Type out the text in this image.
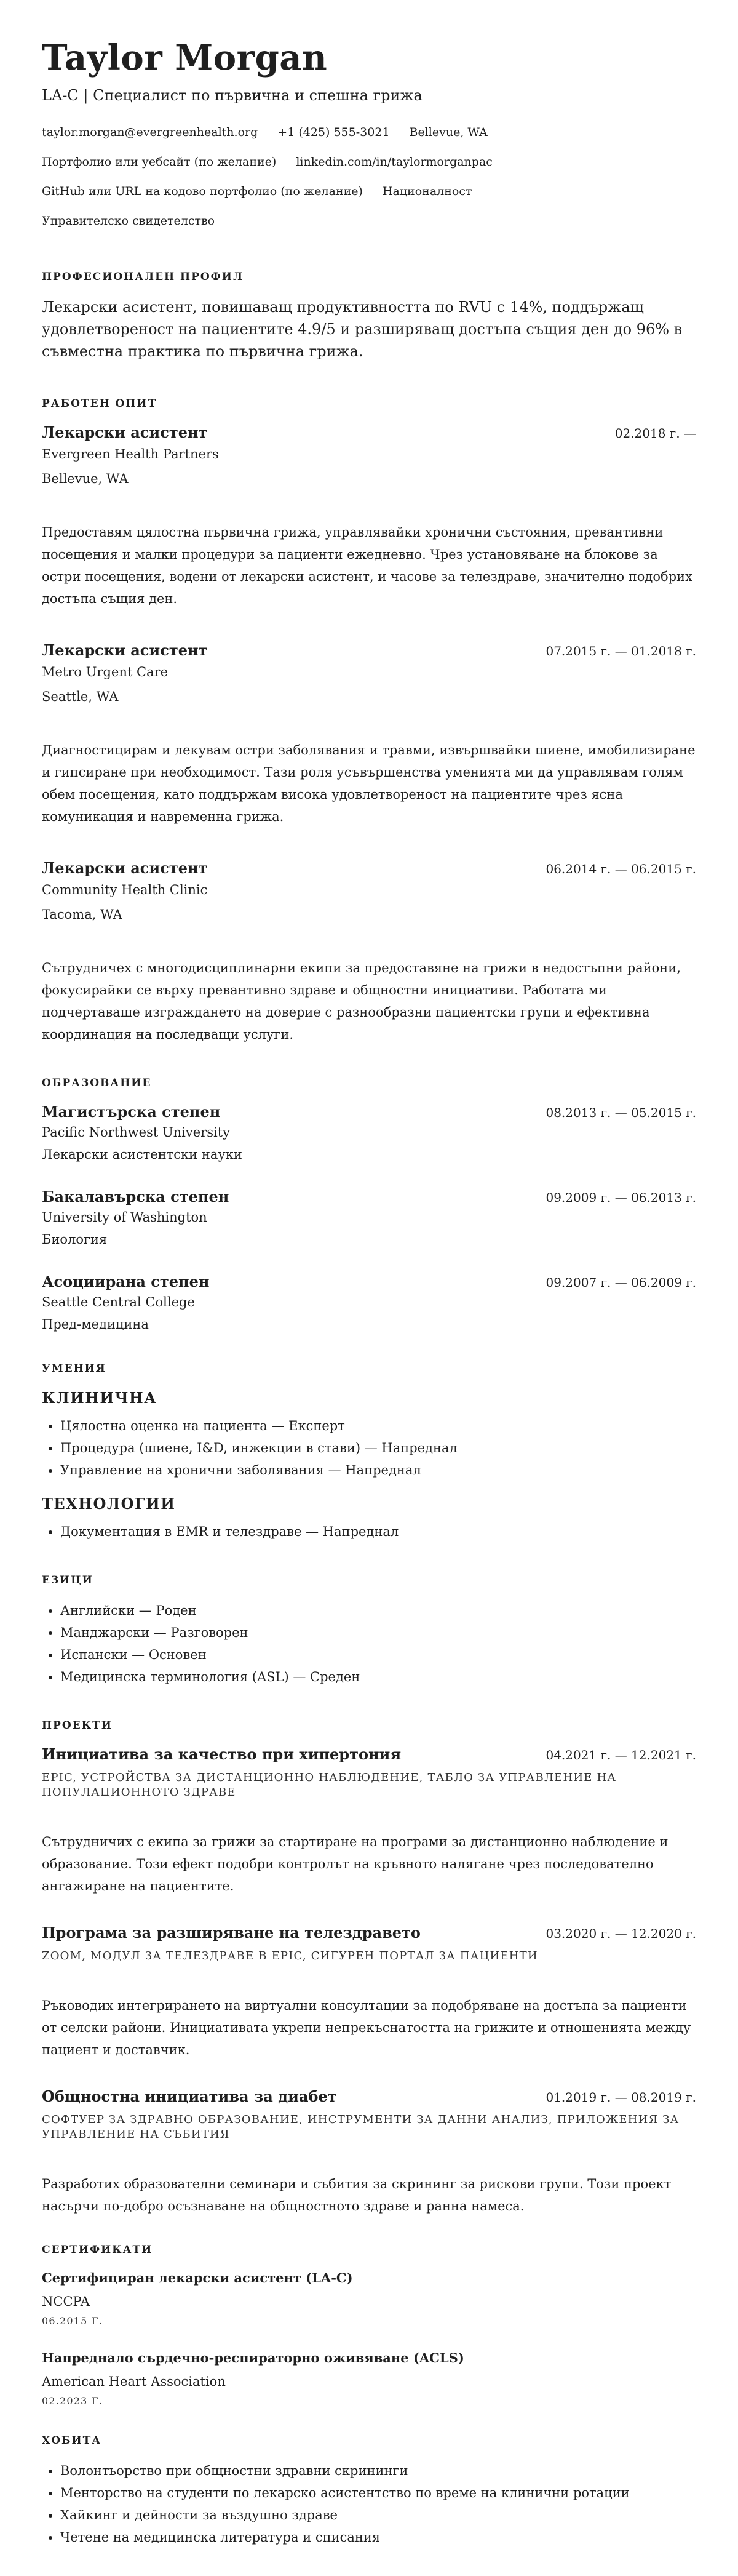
Taylor Morgan
LA-C | Специалист по първична и спешна грижа
taylor.morgan@evergreenhealth.org +1 (425) 555-3021 Bellevue, WA
Портфолио или уебсайт (по желание) linkedin.com/in/taylormorganpac
GitHub или URL на кодово портфолио (по желание) Националност
Управителско свидетелство
ПРОФЕСИОНАЛЕН ПРОФИЛ
Лекарски асистент, повишаващ продуктивността по RVU с 14%, поддържащ удовлетвореност на пациентите 4.9/5 и разширяващ достъпа същия ден до 96% в съвместна практика по първична грижа.
РАБОТЕН ОПИТ
Лекарски асистент	02.2018 г. —
Evergreen Health Partners
Bellevue, WA
Предоставям цялостна първична грижа, управлявайки хронични състояния, превантивни посещения и малки процедури за пациенти ежедневно. Чрез установяване на блокове за остри посещения, водени от лекарски асистент, и часове за телездраве, значително подобрих достъпа същия ден.
Лекарски асистент	07.2015 г. — 01.2018 г.
Metro Urgent Care
Seattle, WA
Диагностицирам и лекувам остри заболявания и травми, извършвайки шиене, имобилизиране и гипсиране при необходимост. Тази роля усъвършенства уменията ми да управлявам голям обем посещения, като поддържам висока удовлетвореност на пациентите чрез ясна комуникация и навременна грижа.
Лекарски асистент	06.2014 г. — 06.2015 г.
Community Health Clinic
Tacoma, WA
Сътрудничех с многодисциплинарни екипи за предоставяне на грижи в недостъпни райони, фокусирайки се върху превантивно здраве и общностни инициативи. Работата ми подчертаваше изграждането на доверие с разнообразни пациентски групи и ефективна координация на последващи услуги.
ОБРАЗОВАНИЕ
Магистърска степен	08.2013 г. — 05.2015 г.
Pacific Northwest University
Лекарски асистентски науки
Бакалавърска степен	09.2009 г. — 06.2013 г.
University of Washington
Биология
Асоциирана степен	09.2007 г. — 06.2009 г.
Seattle Central College
Пред-медицина
УМЕНИЯ
КЛИНИЧНА
• Цялостна оценка на пациента — Експерт
• Процедура (шиене, I&D, инжекции в стави) — Напреднал
• Управление на хронични заболявания — Напреднал
ТЕХНОЛОГИИ
• Документация в EMR и телездраве — Напреднал
ЕЗИЦИ
• Английски — Роден
• Манджарски — Разговорен
• Испански — Основен
• Медицинска терминология (ASL) — Среден
ПРОЕКТИ
Инициатива за качество при хипертония	04.2021 г. — 12.2021 г.
EPIC, УСТРОЙСТВА ЗА ДИСТАНЦИОННО НАБЛЮДЕНИЕ, ТАБЛО ЗА УПРАВЛЕНИЕ НА ПОПУЛАЦИОННОТО ЗДРАВЕ
Сътрудничих с екипа за грижи за стартиране на програми за дистанционно наблюдение и образование. Този ефект подобри контролът на кръвното налягане чрез последователно ангажиране на пациентите.
Програма за разширяване на телездравето	03.2020 г. — 12.2020 г.
ZOOM, МОДУЛ ЗА ТЕЛЕЗДРАВЕ В EPIC, СИГУРЕН ПОРТАЛ ЗА ПАЦИЕНТИ
Ръководих интегрирането на виртуални консултации за подобряване на достъпа за пациенти от селски райони. Инициативата укрепи непрекъснатостта на грижите и отношенията между пациент и доставчик.
Общностна инициатива за диабет	01.2019 г. — 08.2019 г.
СОФТУЕР ЗА ЗДРАВНО ОБРАЗОВАНИЕ, ИНСТРУМЕНТИ ЗА ДАННИ АНАЛИЗ, ПРИЛОЖЕНИЯ ЗА УПРАВЛЕНИЕ НА СЪБИТИЯ
Разработих образователни семинари и събития за скрининг за рискови групи. Този проект насърчи по-добро осъзнаване на общностното здраве и ранна намеса.
СЕРТИФИКАТИ
Сертифициран лекарски асистент (LA-C)
NCCPA
06.2015 Г.
Напреднало сърдечно-респираторно оживяване (ACLS)
American Heart Association
02.2023 Г.
ХОБИТА
• Волонтьорство при общностни здравни скрининги
• Менторство на студенти по лекарско асистентство по време на клинични ротации
• Хайкинг и дейности за въздушно здраве
• Четене на медицинска литература и списания
